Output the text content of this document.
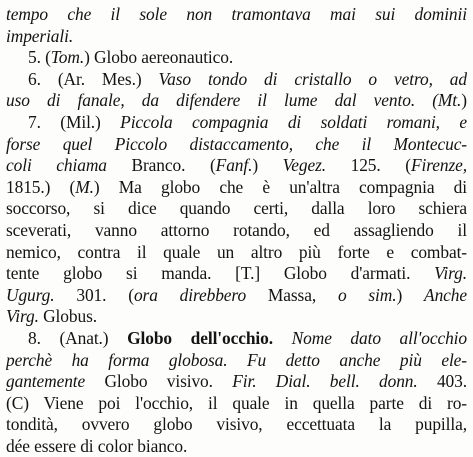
tempo che il sole non tramontava mai sui dominii
imperiali.
5. (Tom.) Globo aereonautico.
6. (Ar. Mes.) Vaso tondo di cristallo o vetro, ad
uso di fanale, da difendere il lume dal vento. (Mt.)
7. (Mil.) Piccola compagnia di soldati romani, e
forse quel Piccolo distaccamento, che il Montecuc-
coli chiama Branco. (Fanf.) Vegez. 125. (Firenze,
1815.) (M.) Ma globo che è un'altra compagnia di
soccorso, si dice quando certi, dalla loro schiera
sceverati, vanno attorno rotando, ed assagliendo il
nemico, contra il quale un altro più forte e combat-
tente globo si manda. [T.] Globo d'armati. Virg.
Ugurg. 301. (ora direbbero Massa, o sim.) Anche
Virg. Globus.
8. (Anat.) Globo dell'occhio. Nome dato all'occhio
perchè ha forma globosa. Fu detto anche più ele-
gantemente Globo visivo. Fir. Dial. bell. donn. 403.
(C) Viene poi l'occhio, il quale in quella parte di ro-
tondità, ovvero globo visivo, eccettuata la pupilla,
dée essere di color bianco.
